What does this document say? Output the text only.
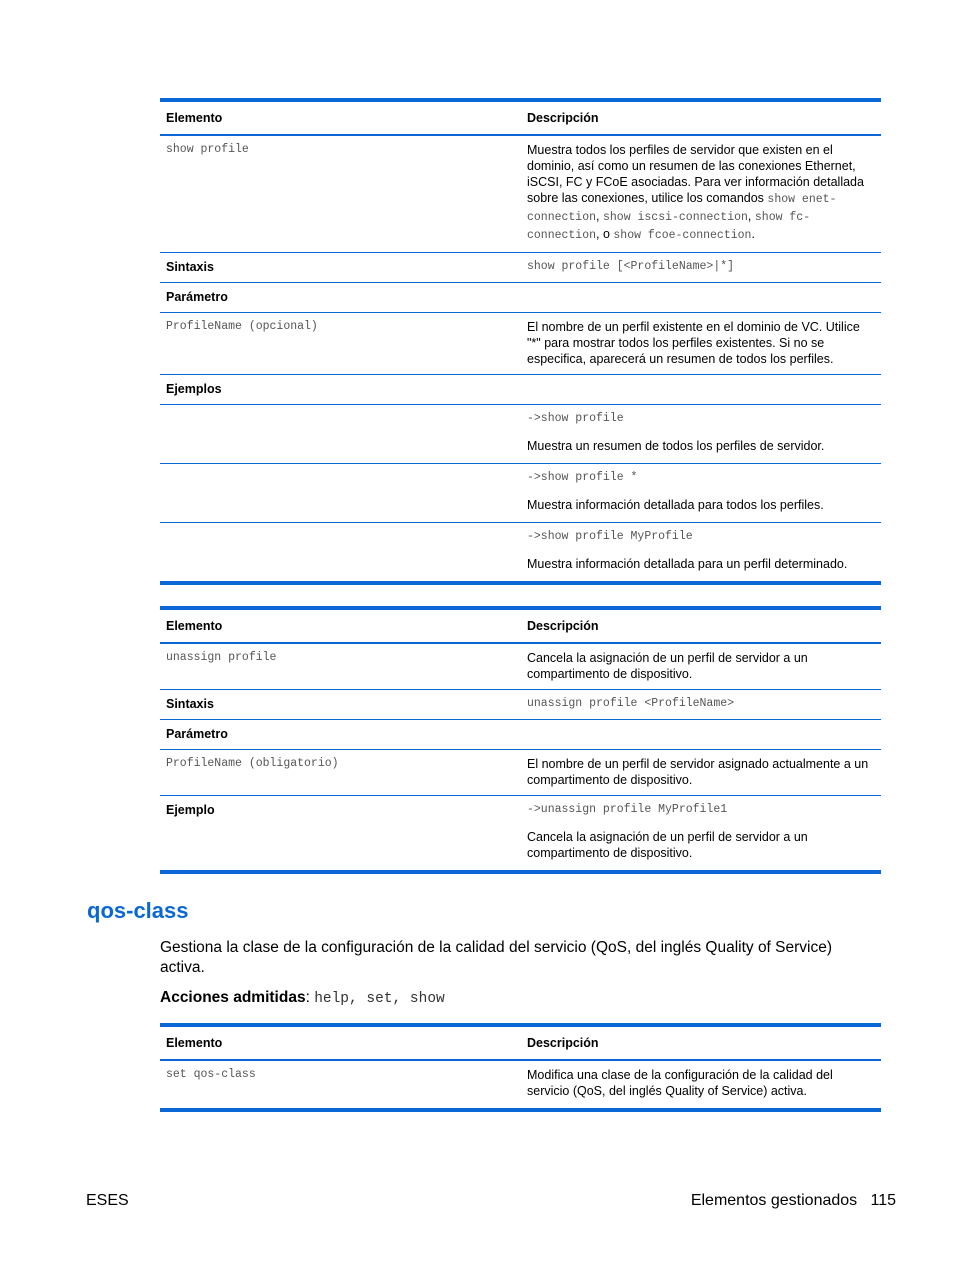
Elemento	Descripción
show profile	Muestra todos los perfiles de servidor que existen en el dominio, así como un resumen de las conexiones Ethernet, iSCSI, FC y FCoE asociadas. Para ver información detallada sobre las conexiones, utilice los comandos show enet-connection, show iscsi-connection, show fc-connection, o show fcoe-connection.
Sintaxis	show profile [<ProfileName>|*]
Parámetro	
ProfileName (opcional)	El nombre de un perfil existente en el dominio de VC. Utilice "*" para mostrar todos los perfiles existentes. Si no se especifica, aparecerá un resumen de todos los perfiles.
Ejemplos	

	->show profile
Muestra un resumen de todos los perfiles de servidor.

	->show profile *
Muestra información detallada para todos los perfiles.

	->show profile MyProfile
Muestra información detallada para un perfil determinado.
Elemento	Descripción
unassign profile	Cancela la asignación de un perfil de servidor a un compartimento de dispositivo.
Sintaxis	unassign profile <ProfileName>
Parámetro	
ProfileName (obligatorio)	El nombre de un perfil de servidor asignado actualmente a un compartimento de dispositivo.
Ejemplo	->unassign profile MyProfile1
Cancela la asignación de un perfil de servidor a un compartimento de dispositivo.
qos-class

Gestiona la clase de la configuración de la calidad del servicio (QoS, del inglés Quality of Service) activa.

Acciones admitidas: help, set, show

Elemento	Descripción
set qos-class	Modifica una clase de la configuración de la calidad del servicio (QoS, del inglés Quality of Service) activa.
ESES	Elementos gestionados   115
